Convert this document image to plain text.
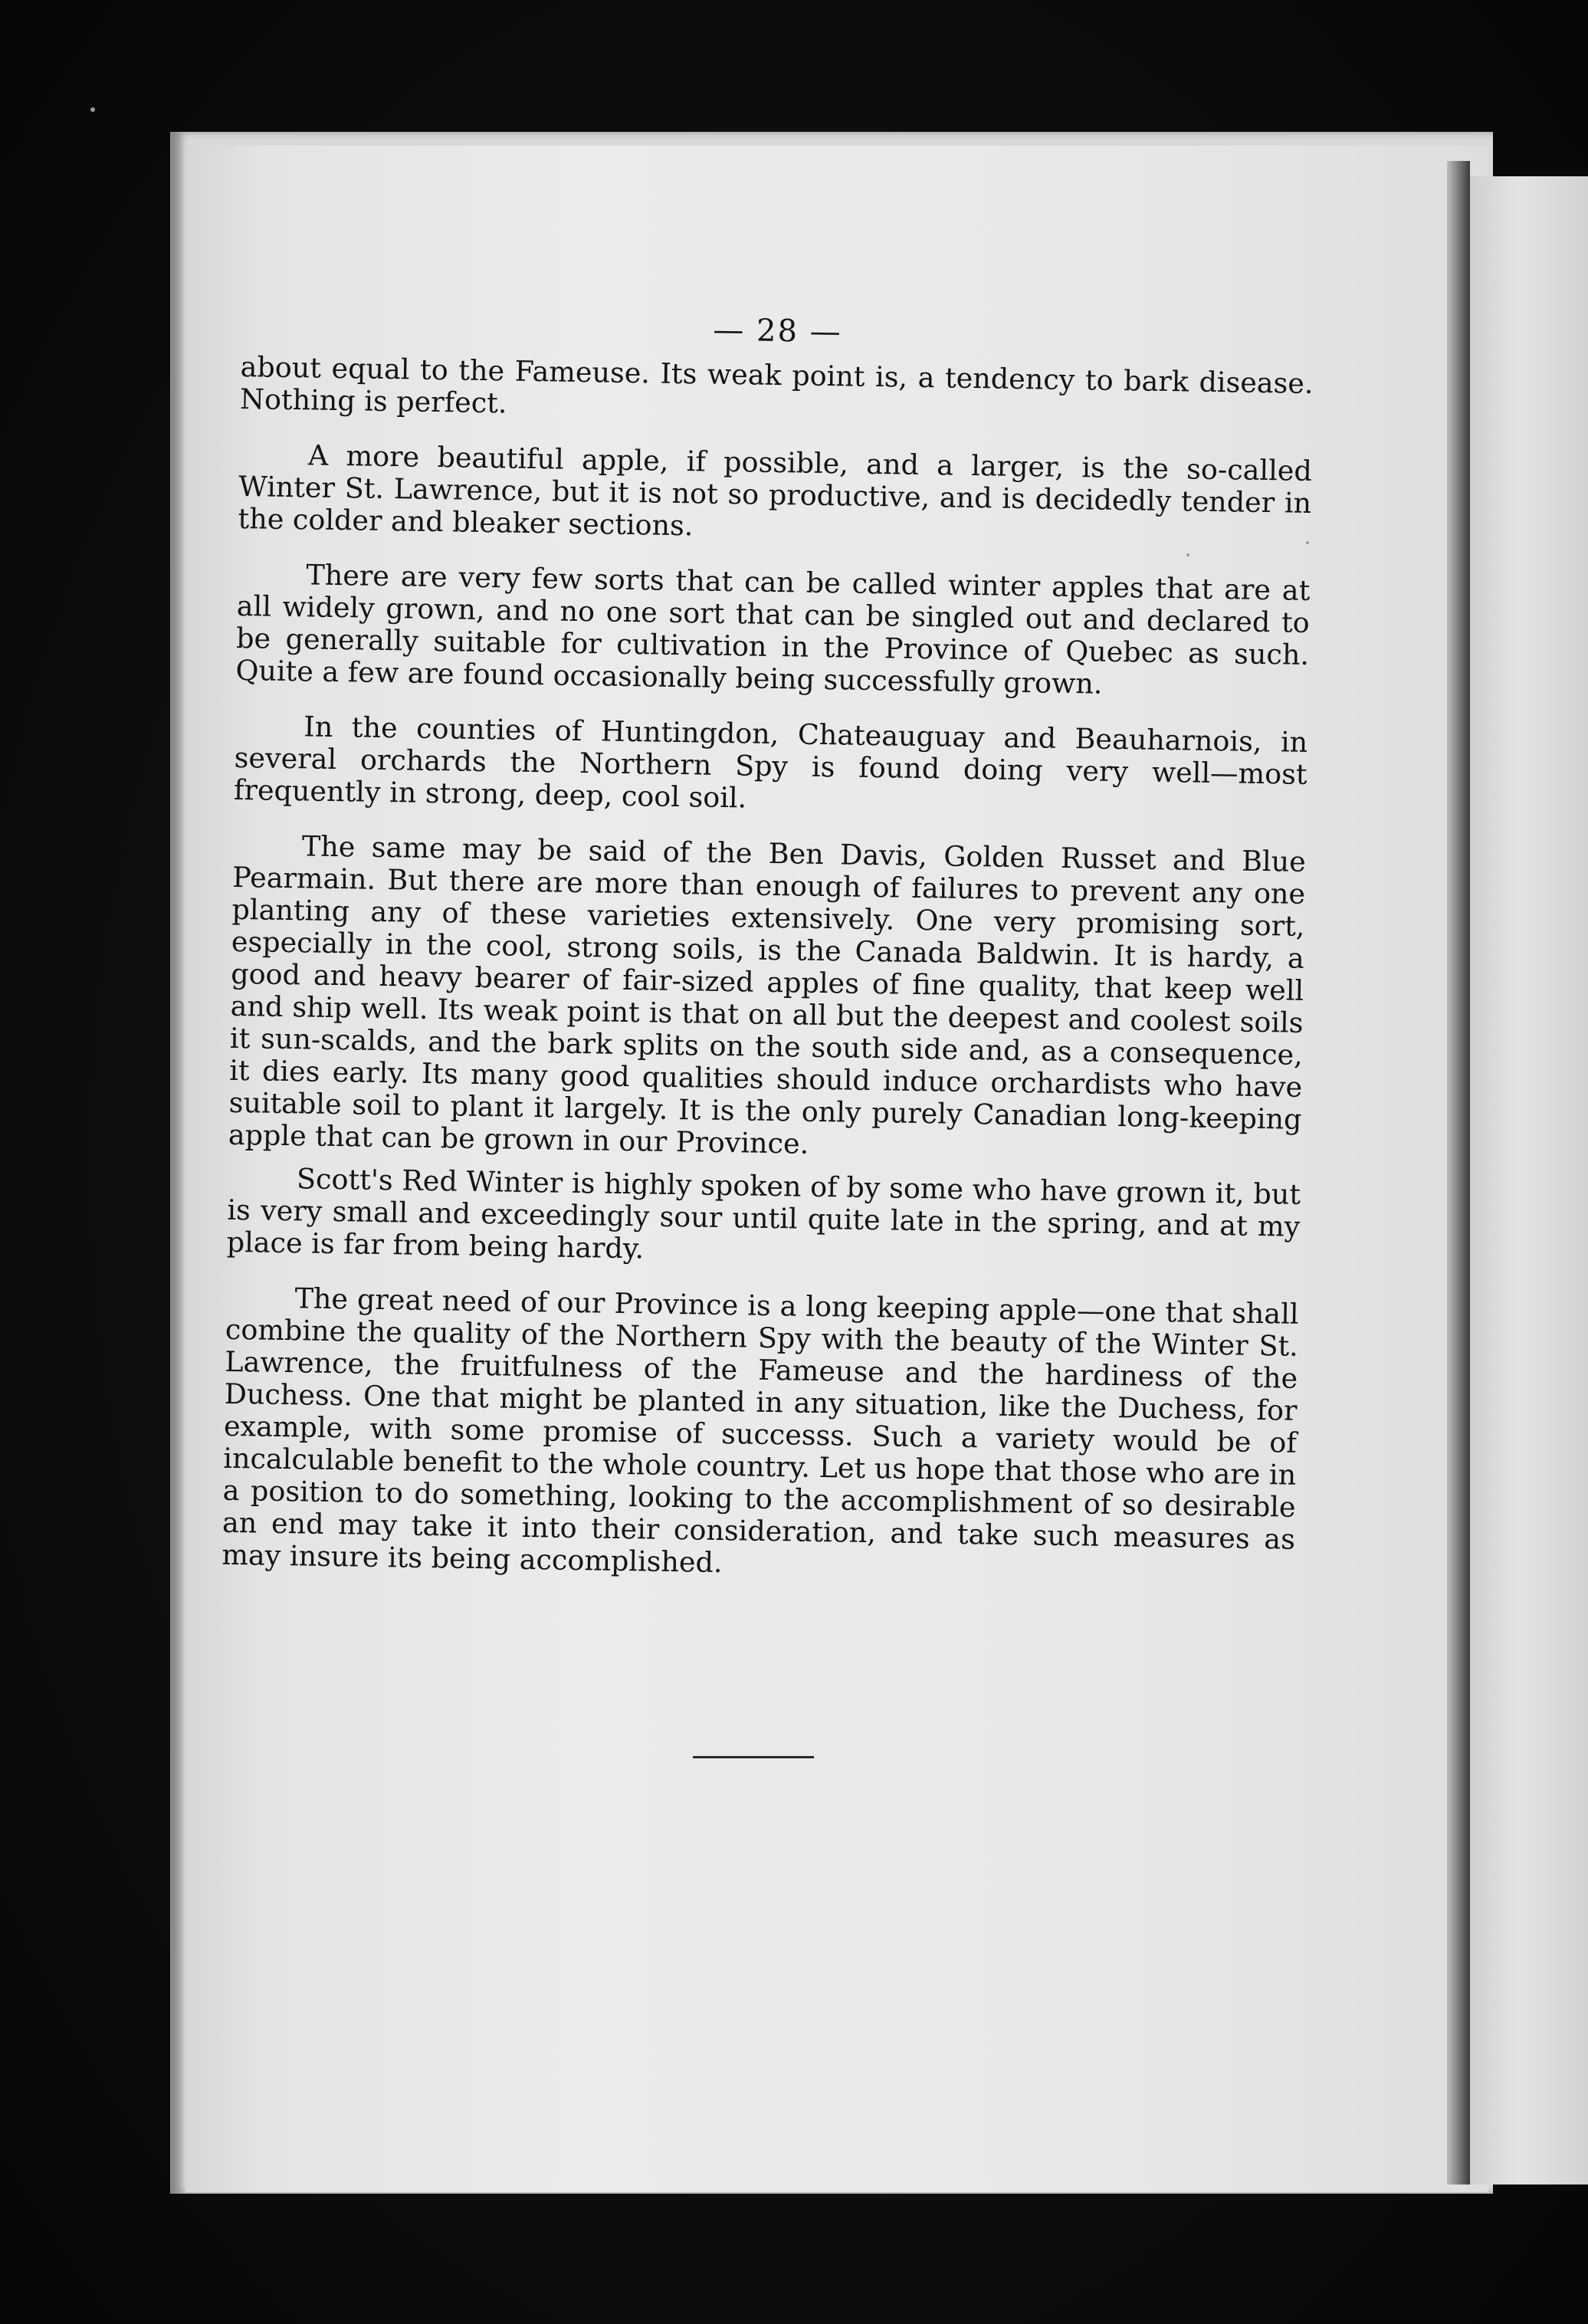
— 28 —

about equal to the Fameuse. Its weak point is, a tendency to bark disease. Nothing is perfect.

A more beautiful apple, if possible, and a larger, is the so-called Winter St. Lawrence, but it is not so productive, and is decidedly tender in the colder and bleaker sections.

There are very few sorts that can be called winter apples that are at all widely grown, and no one sort that can be singled out and declared to be generally suitable for cultivation in the Province of Quebec as such. Quite a few are found occasionally being successfully grown.

In the counties of Huntingdon, Chateauguay and Beauharnois, in several orchards the Northern Spy is found doing very well—most frequently in strong, deep, cool soil.

The same may be said of the Ben Davis, Golden Russet and Blue Pearmain. But there are more than enough of failures to prevent any one planting any of these varieties extensively. One very promising sort, especially in the cool, strong soils, is the Canada Baldwin. It is hardy, a good and heavy bearer of fair-sized apples of fine quality, that keep well and ship well. Its weak point is that on all but the deepest and coolest soils it sun-scalds, and the bark splits on the south side and, as a consequence, it dies early. Its many good qualities should induce orchardists who have suitable soil to plant it largely. It is the only purely Canadian long-keeping apple that can be grown in our Province.

Scott's Red Winter is highly spoken of by some who have grown it, but is very small and exceedingly sour until quite late in the spring, and at my place is far from being hardy.

The great need of our Province is a long keeping apple—one that shall combine the quality of the Northern Spy with the beauty of the Winter St. Lawrence, the fruitfulness of the Fameuse and the hardiness of the Duchess. One that might be planted in any situation, like the Duchess, for example, with some promise of successs. Such a variety would be of incalculable benefit to the whole country. Let us hope that those who are in a position to do something, looking to the accomplishment of so desirable an end may take it into their consideration, and take such measures as may insure its being accomplished.
